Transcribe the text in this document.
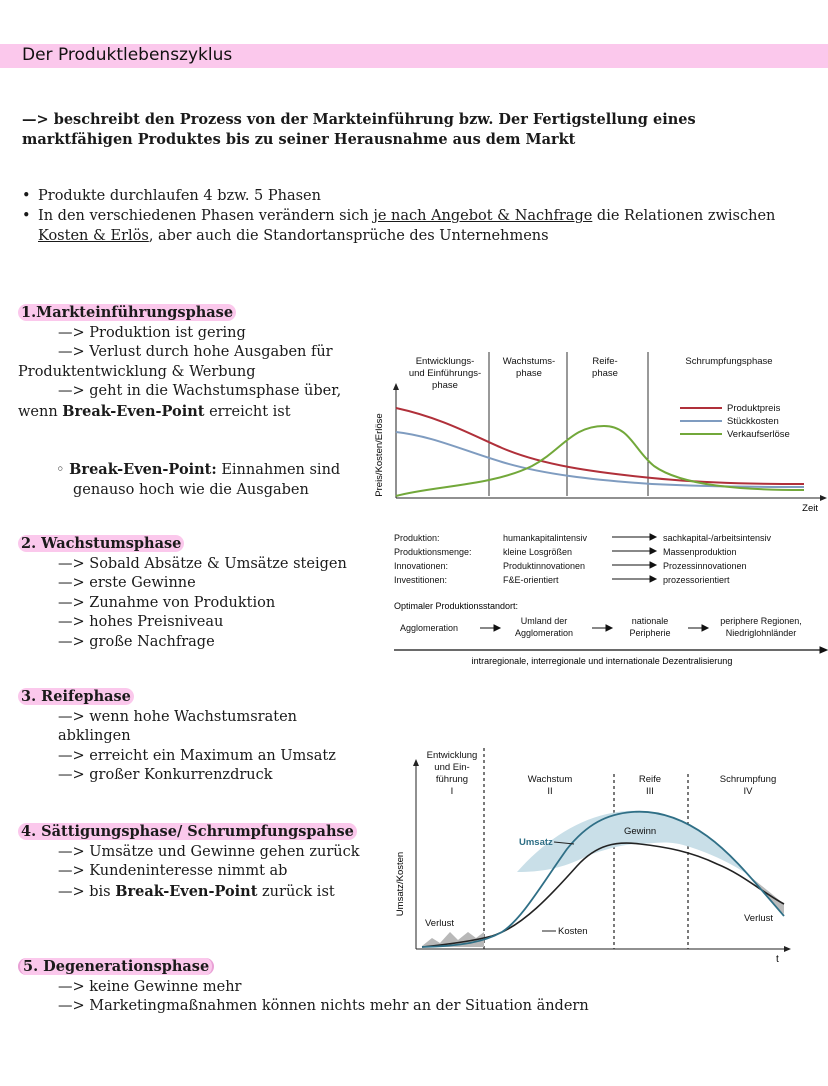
Der Produktlebenszyklus
—> beschreibt den Prozess von der Markteinführung bzw. Der Fertigstellung eines marktfähigen Produktes bis zu seiner Herausnahme aus dem Markt
• Produkte durchlaufen 4 bzw. 5 Phasen
• In den verschiedenen Phasen verändern sich je nach Angebot & Nachfrage die Relationen zwischen Kosten & Erlös, aber auch die Standortansprüche des Unternehmens
1.Markteinführungsphase
—> Produktion ist gering
—> Verlust durch hohe Ausgaben für
Produktentwicklung & Werbung
—> geht in die Wachstumsphase über,
wenn Break-Even-Point erreicht ist
◦ Break-Even-Point: Einnahmen sind
genauso hoch wie die Ausgaben
2. Wachstumsphase
—> Sobald Absätze & Umsätze steigen
—> erste Gewinne
—> Zunahme von Produktion
—> hohes Preisniveau
—> große Nachfrage
3. Reifephase
—> wenn hohe Wachstumsraten
abklingen
—> erreicht ein Maximum an Umsatz
—> großer Konkurrenzdruck
4. Sättigungsphase/ Schrumpfungspahse
—> Umsätze und Gewinne gehen zurück
—> Kundeninteresse nimmt ab
—> bis Break-Even-Point zurück ist
5. Degenerationsphase
—> keine Gewinne mehr
—> Marketingmaßnahmen können nichts mehr an der Situation ändern
Entwicklungs-
und Einführungs-
phase
Wachstums-
phase
Reife-
phase
Schrumpfungsphase
Preis/Kosten/Erlöse
Zeit
Produktpreis
Stückkosten
Verkaufserlöse
Produktion:	humankapitalintensiv	sachkapital-/arbeitsintensiv
Produktionsmenge:	kleine Losgrößen	Massenproduktion
Innovationen:	Produktinnovationen	Prozessinnovationen
Investitionen:	F&E-orientiert	prozessorientiert
Optimaler Produktionsstandort:
Agglomeration
Umland der
Agglomeration
nationale
Peripherie
periphere Regionen,
Niedriglohnländer
intraregionale, interregionale und internationale Dezentralisierung
Entwicklung
und Ein-
führung
I
Wachstum
II
Reife
III
Schrumpfung
IV
Umsatz/Kosten
t
Umsatz
Gewinn
Kosten
Verlust	Verlust
